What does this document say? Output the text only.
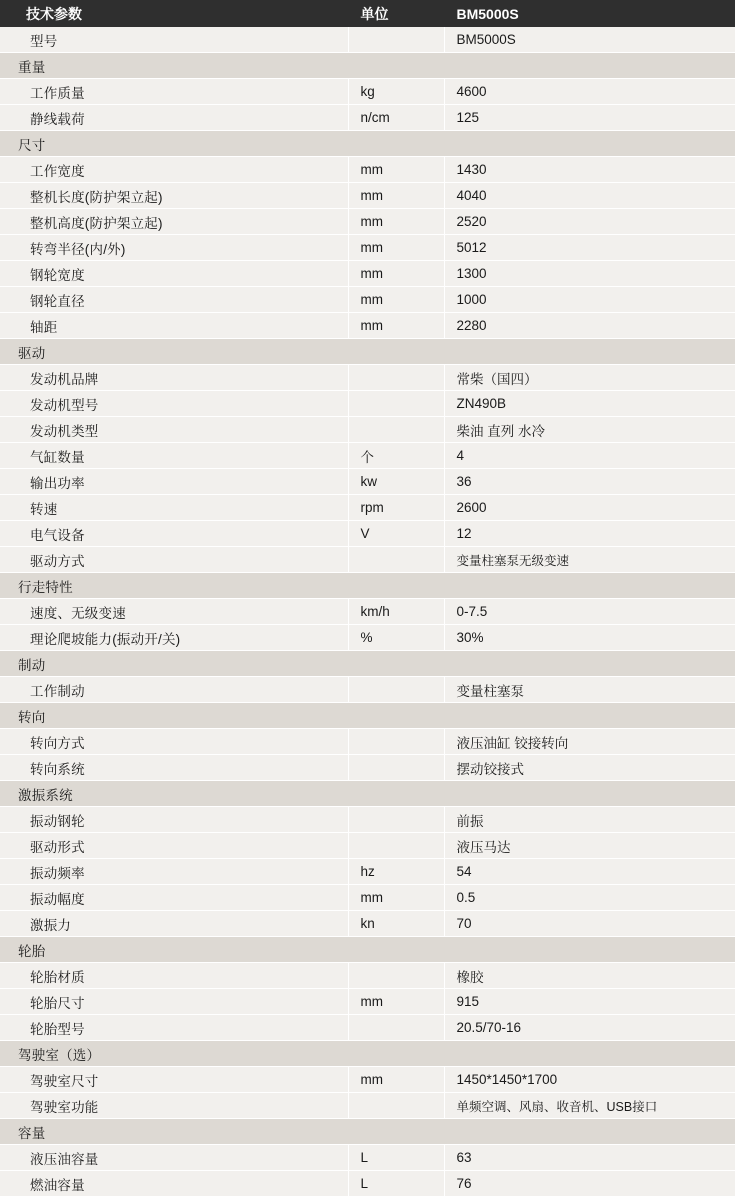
技术参数	单位	BM5000S
型号		BM5000S
重量		
工作质量	kg	4600
静线载荷	n/cm	125
尺寸		
工作宽度	mm	1430
整机长度(防护架立起)	mm	4040
整机高度(防护架立起)	mm	2520
转弯半径(内/外)	mm	5012
钢轮宽度	mm	1300
钢轮直径	mm	1000
轴距	mm	2280
驱动		
发动机品牌		常柴（国四）
发动机型号		ZN490B
发动机类型		柴油 直列 水冷
气缸数量	个	4
输出功率	kw	36
转速	rpm	2600
电气设备	V	12
驱动方式		变量柱塞泵无级变速
行走特性		
速度、无级变速	km/h	0-7.5
理论爬坡能力(振动开/关)	%	30%
制动		
工作制动		变量柱塞泵
转向		
转向方式		液压油缸 铰接转向
转向系统		摆动铰接式
激振系统		
振动钢轮		前振
驱动形式		液压马达
振动频率	hz	54
振动幅度	mm	0.5
激振力	kn	70
轮胎		
轮胎材质		橡胶
轮胎尺寸	mm	915
轮胎型号		20.5/70-16
驾驶室（选）		
驾驶室尺寸	mm	1450*1450*1700
驾驶室功能		单频空调、风扇、收音机、USB接口
容量		
液压油容量	L	63
燃油容量	L	76
